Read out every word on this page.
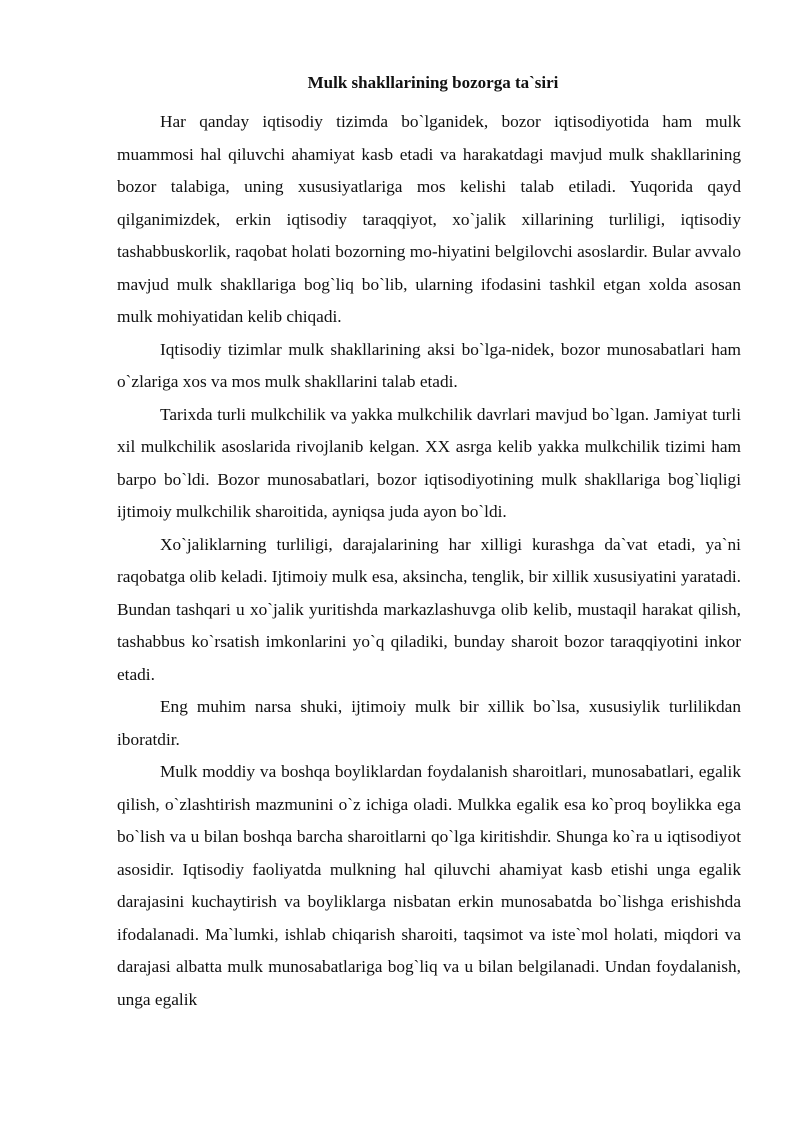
Mulk shakllarining bozorga ta`siri

Har qanday iqtisodiy tizimda bo`lganidek, bozor iqtisodiyotida ham mulk muammosi hal qiluvchi ahamiyat kasb etadi va harakatdagi mavjud mulk shakllarining bozor talabiga, uning xususiyatlariga mos kelishi talab etiladi. Yuqorida qayd qilganimizdek, erkin iqtisodiy taraqqiyot, xo`jalik xillarining turliligi, iqtisodiy tashabbuskorlik, raqobat holati bozorning mo-hiyatini belgilovchi asoslardir. Bular avvalo mavjud mulk shakllariga bog`liq bo`lib, ularning ifodasini tashkil etgan xolda asosan mulk mohiyatidan kelib chiqadi.

Iqtisodiy tizimlar mulk shakllarining aksi bo`lga-nidek, bozor munosabatlari ham o`zlariga xos va mos mulk shakllarini talab etadi.

Tarixda turli mulkchilik va yakka mulkchilik davrlari mavjud bo`lgan. Jamiyat turli xil mulkchilik asoslarida rivojlanib kelgan. XX asrga kelib yakka mulkchilik tizimi ham barpo bo`ldi. Bozor munosabatlari, bozor iqtisodiyotining mulk shakllariga bog`liqligi ijtimoiy mulkchilik sharoitida, ayniqsa juda ayon bo`ldi.

Xo`jaliklarning turliligi, darajalarining har xilligi kurashga da`vat etadi, ya`ni raqobatga olib keladi. Ijtimoiy mulk esa, aksincha, tenglik, bir xillik xususiyatini yaratadi. Bundan tashqari u xo`jalik yuritishda markazlashuvga olib kelib, mustaqil harakat qilish, tashabbus ko`rsatish imkonlarini yo`q qiladiki, bunday sharoit bozor taraqqiyotini inkor etadi.

Eng muhim narsa shuki, ijtimoiy mulk bir xillik bo`lsa, xususiylik turlilikdan iboratdir.

Mulk moddiy va boshqa boyliklardan foydalanish sharoitlari, munosabatlari, egalik qilish, o`zlashtirish mazmunini o`z ichiga oladi. Mulkka egalik esa ko`proq boylikka ega bo`lish va u bilan boshqa barcha sharoitlarni qo`lga kiritishdir. Shunga ko`ra u iqtisodiyot asosidir. Iqtisodiy faoliyatda mulkning hal qiluvchi ahamiyat kasb etishi unga egalik darajasini kuchaytirish va boyliklarga nisbatan erkin munosabatda bo`lishga erishishda ifodalanadi. Ma`lumki, ishlab chiqarish sharoiti, taqsimot va iste`mol holati, miqdori va darajasi albatta mulk munosabatlariga bog`liq va u bilan belgilanadi. Undan foydalanish, unga egalik
